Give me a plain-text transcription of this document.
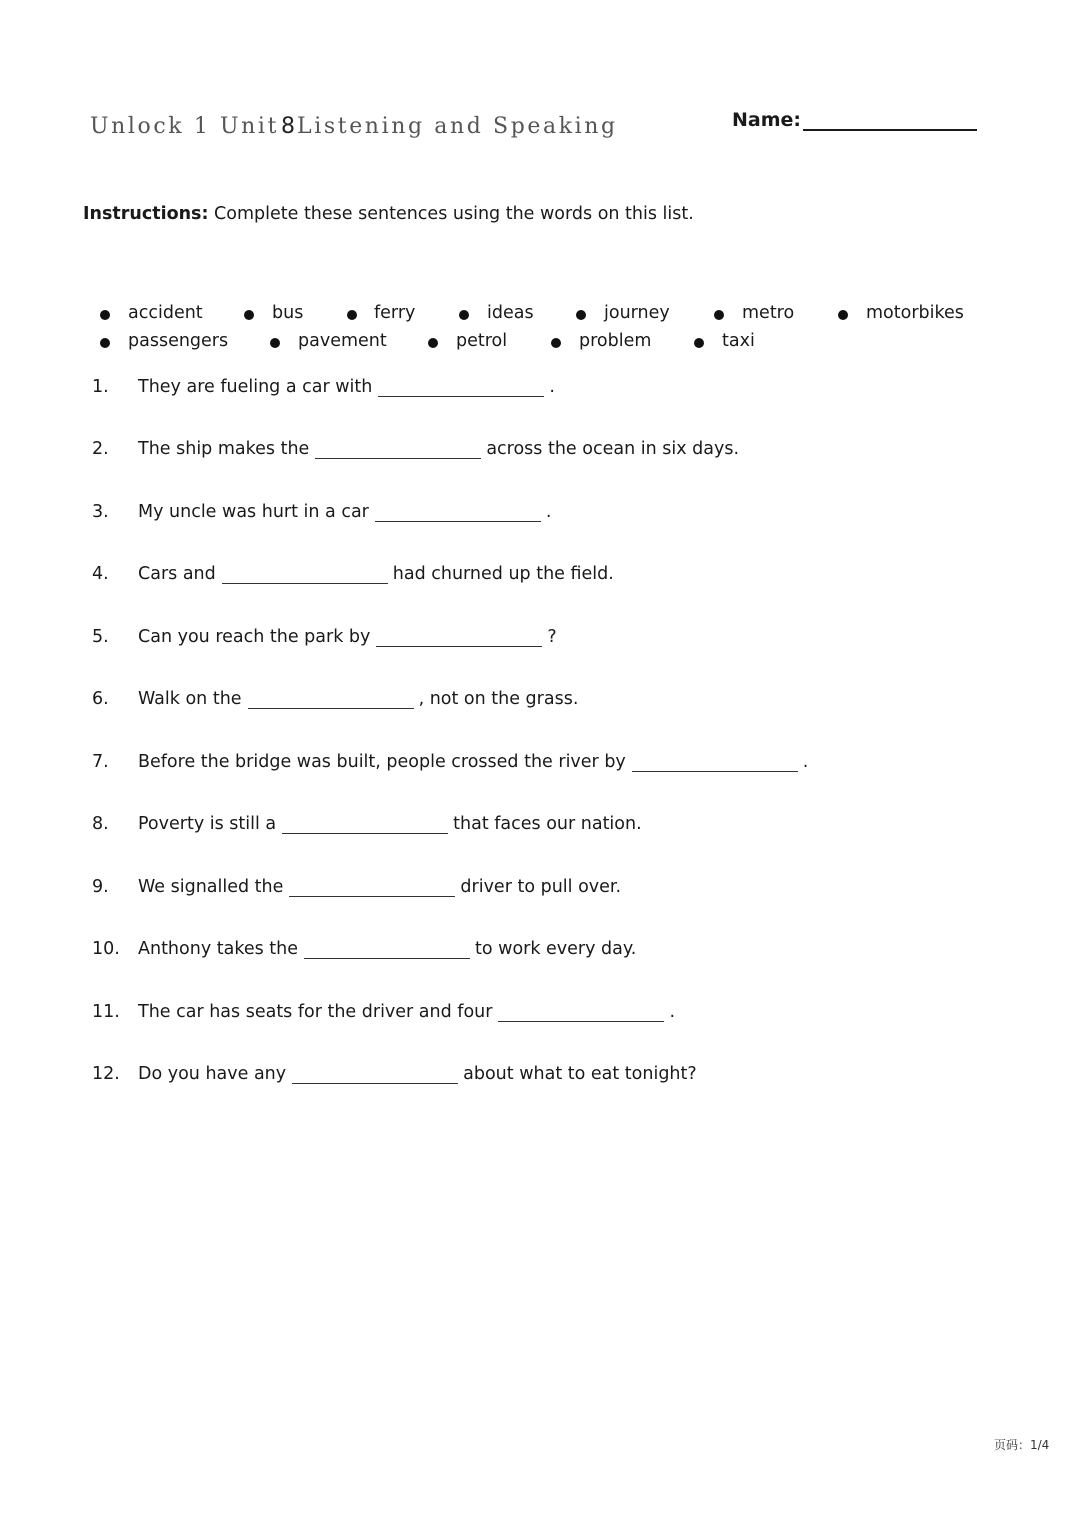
Unlock 1 Unit8Listening and Speaking	Name:
Instructions: Complete these sentences using the words on this list.
accident	bus	ferry	ideas	journey	metro	motorbikes
passengers	pavement	petrol	problem	taxi
1. They are fueling a car with	.
2. The ship makes the	across the ocean in six days.
3. My uncle was hurt in a car	.
4. Cars and	had churned up the field.
5. Can you reach the park by	?
6. Walk on the	, not on the grass.
7. Before the bridge was built, people crossed the river by	.
8. Poverty is still a	that faces our nation.
9. We signalled the	driver to pull over.
10. Anthony takes the	to work every day.
11. The car has seats for the driver and four	.
12. Do you have any	about what to eat tonight?
页码：1/4
